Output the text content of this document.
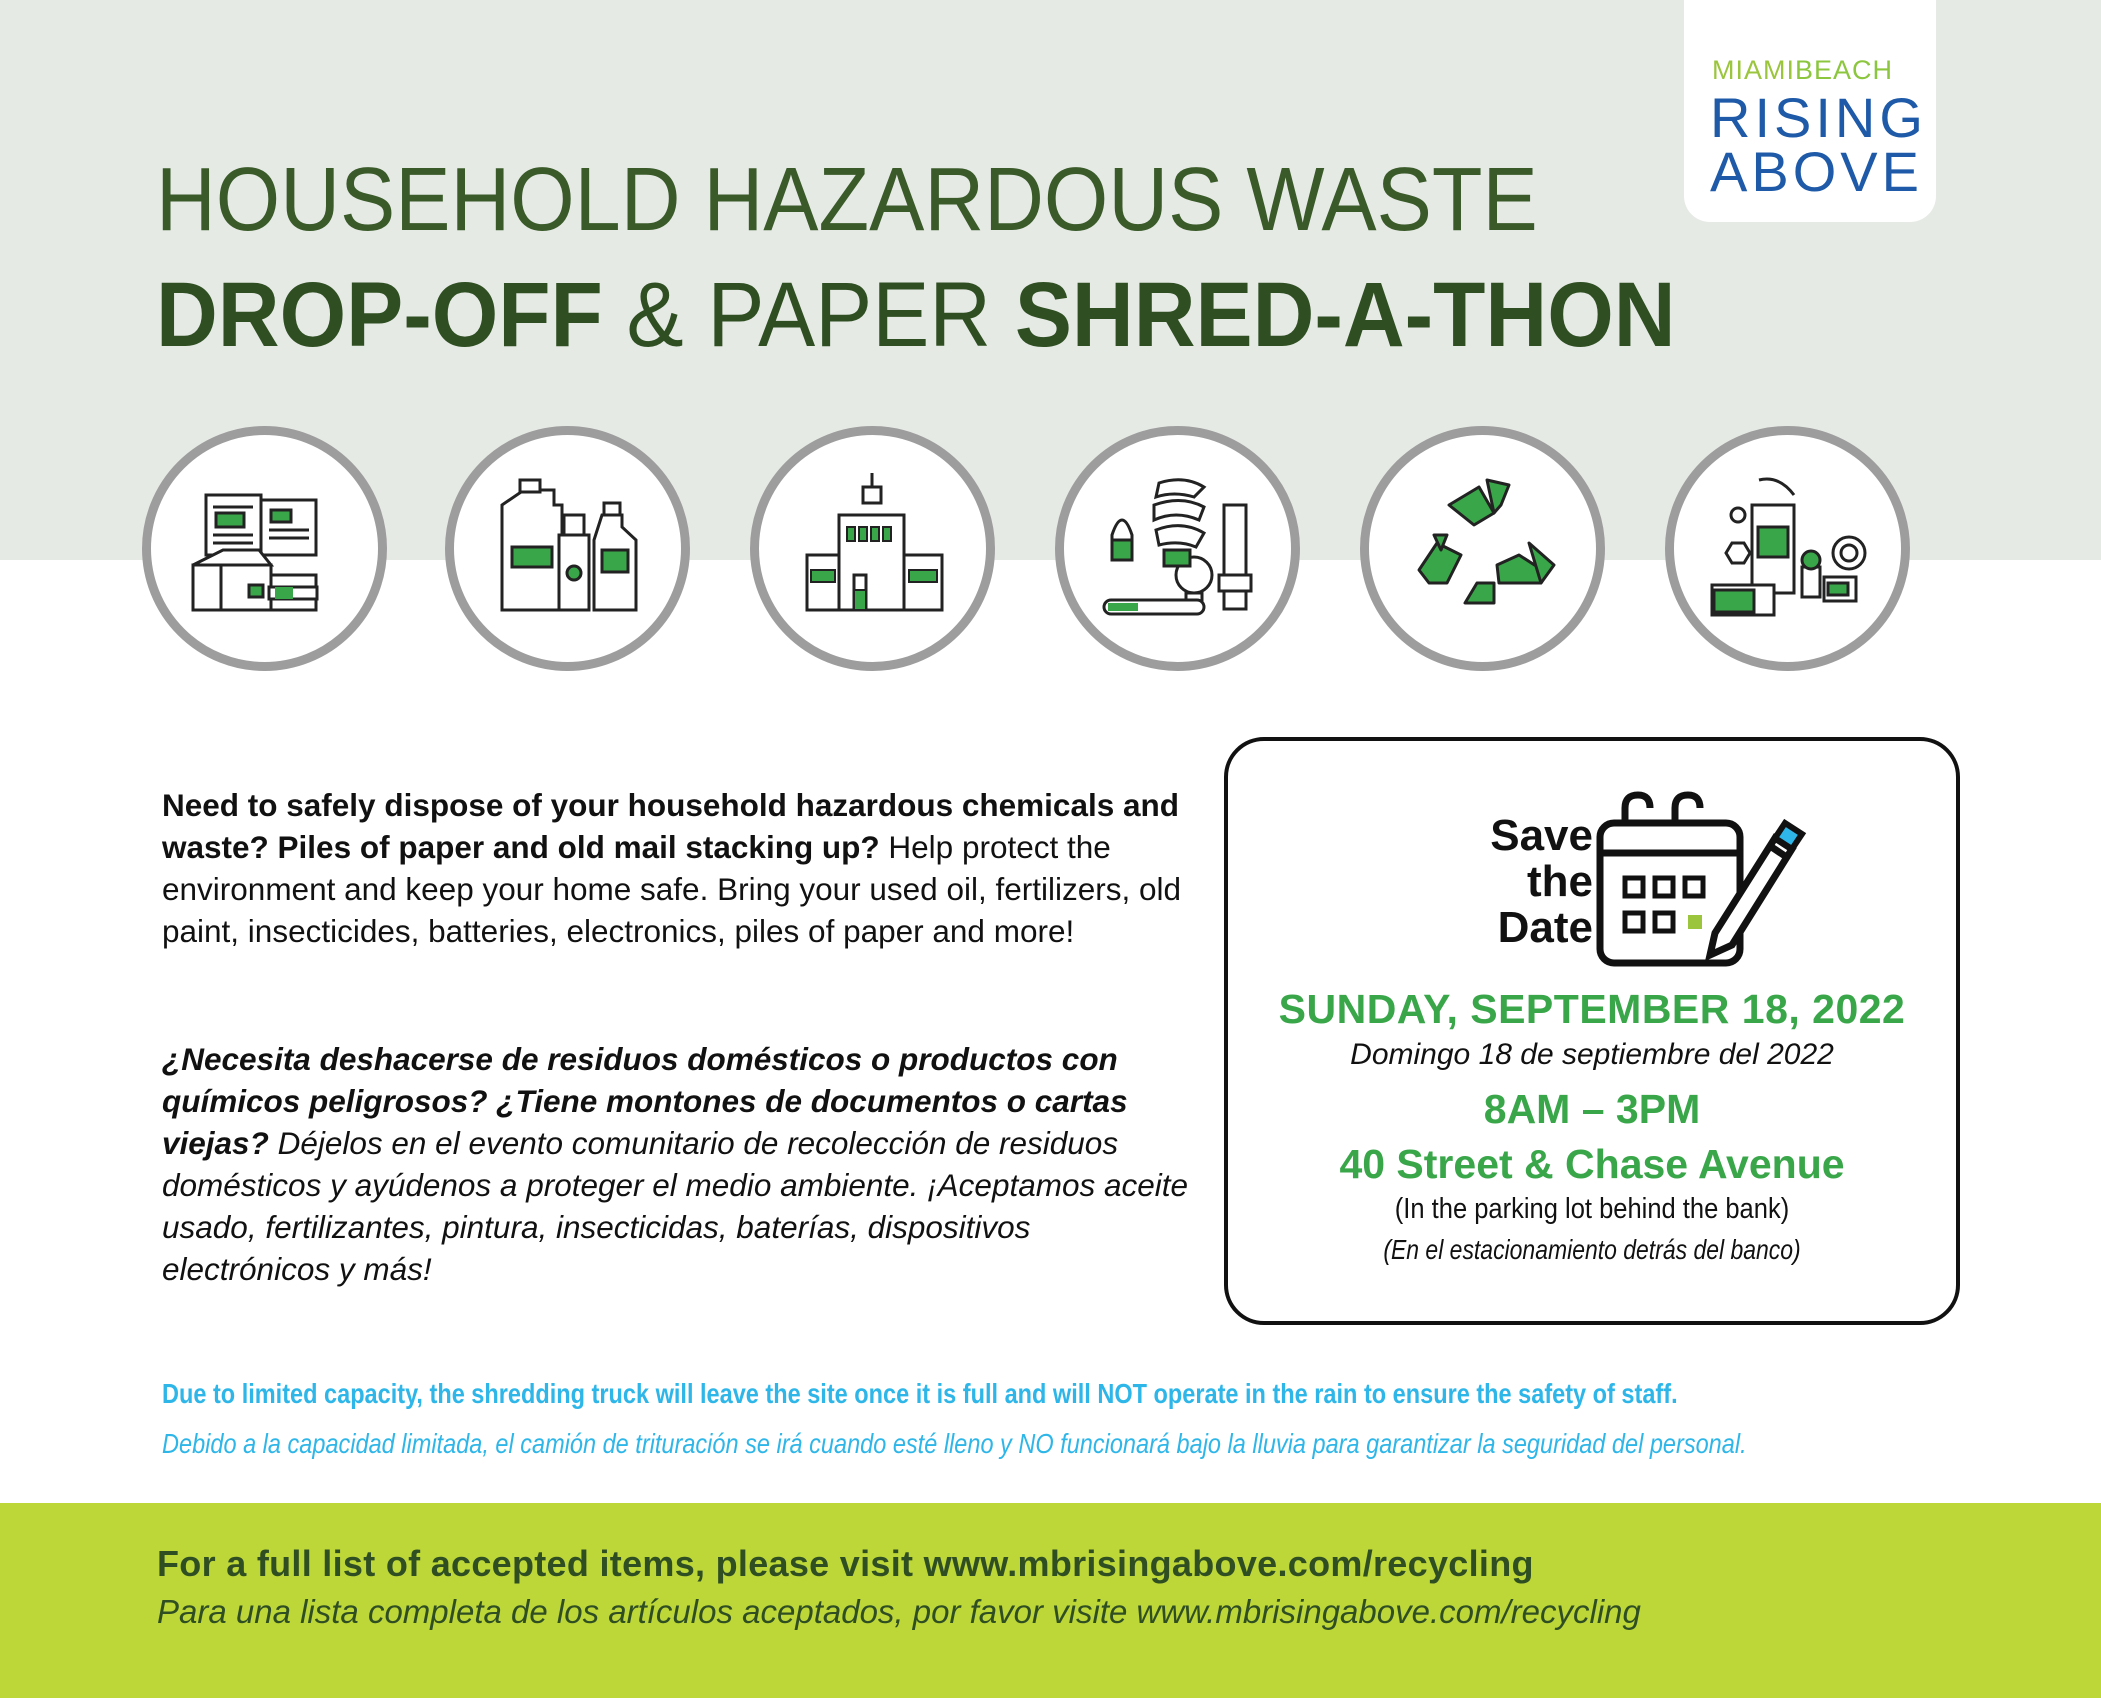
MIAMIBEACH
RISING
ABOVE
HOUSEHOLD HAZARDOUS WASTE
DROP-OFF & PAPER SHRED-A-THON
Need to safely dispose of your household hazardous chemicals and waste? Piles of paper and old mail stacking up? Help protect the environment and keep your home safe. Bring your used oil, fertilizers, old paint, insecticides, batteries, electronics, piles of paper and more!
¿Necesita deshacerse de residuos domésticos o productos con químicos peligrosos? ¿Tiene montones de documentos o cartas viejas? Déjelos en el evento comunitario de recolección de residuos domésticos y ayúdenos a proteger el medio ambiente. ¡Aceptamos aceite usado, fertilizantes, pintura, insecticidas, baterías, dispositivos electrónicos y más!
Save
the
Date
SUNDAY, SEPTEMBER 18, 2022
Domingo 18 de septiembre del 2022
8AM – 3PM
40 Street & Chase Avenue
(In the parking lot behind the bank)
(En el estacionamiento detrás del banco)
Due to limited capacity, the shredding truck will leave the site once it is full and will NOT operate in the rain to ensure the safety of staff.
Debido a la capacidad limitada, el camión de trituración se irá cuando esté lleno y NO funcionará bajo la lluvia para garantizar la seguridad del personal.
For a full list of accepted items, please visit www.mbrisingabove.com/recycling
Para una lista completa de los artículos aceptados, por favor visite www.mbrisingabove.com/recycling
